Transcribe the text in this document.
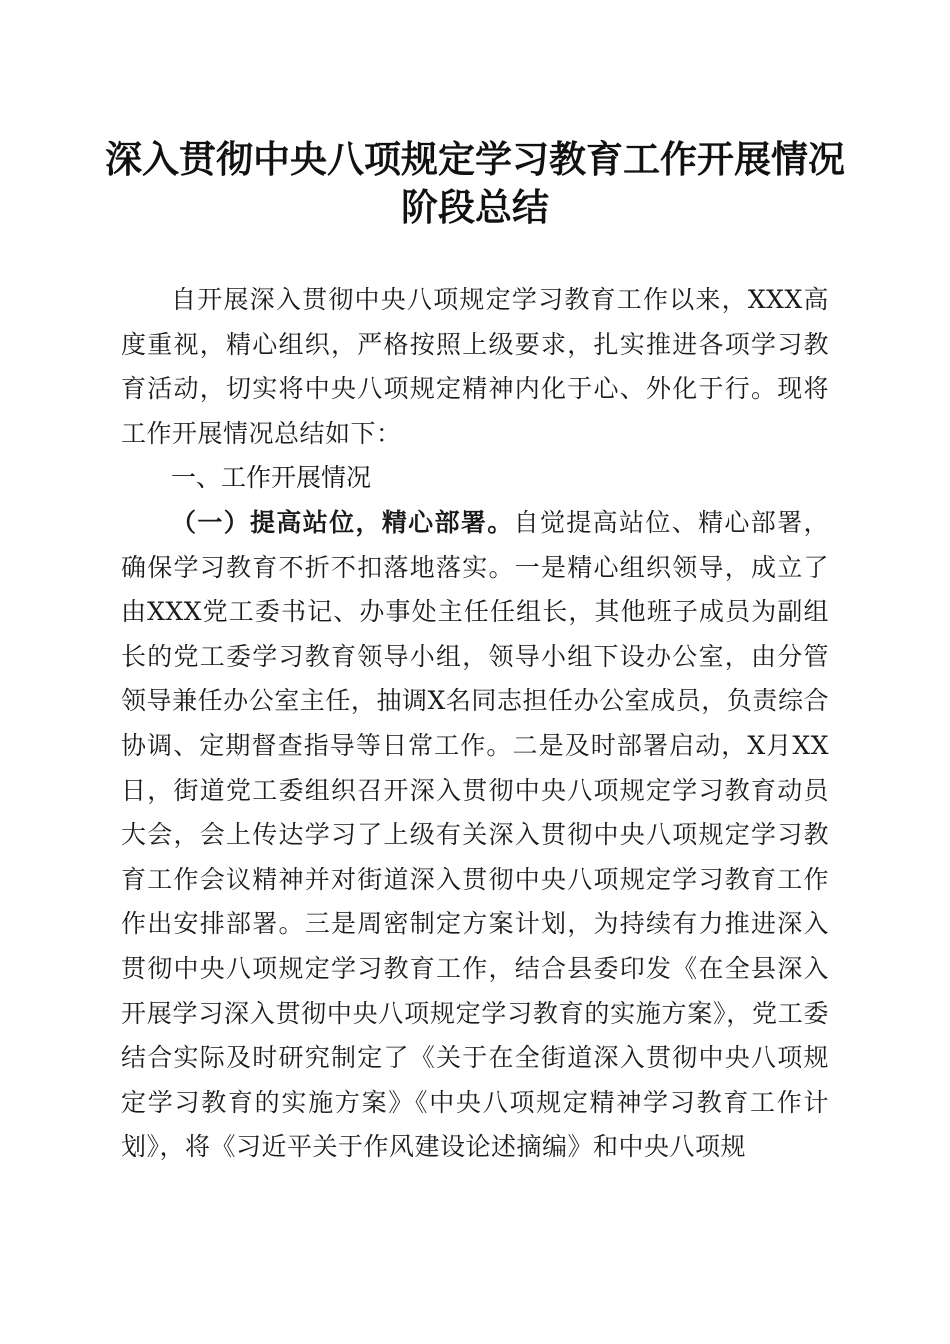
深入贯彻中央八项规定学习教育工作开展情况
阶段总结

自开展深入贯彻中央八项规定学习教育工作以来，XXX高度重视，精心组织，严格按照上级要求，扎实推进各项学习教育活动，切实将中央八项规定精神内化于心、外化于行。现将工作开展情况总结如下：

一、工作开展情况

（一）提高站位，精心部署。自觉提高站位、精心部署，确保学习教育不折不扣落地落实。一是精心组织领导，成立了由XXX党工委书记、办事处主任任组长，其他班子成员为副组长的党工委学习教育领导小组，领导小组下设办公室，由分管领导兼任办公室主任，抽调X名同志担任办公室成员，负责综合协调、定期督查指导等日常工作。二是及时部署启动，X月XX日，街道党工委组织召开深入贯彻中央八项规定学习教育动员大会，会上传达学习了上级有关深入贯彻中央八项规定学习教育工作会议精神并对街道深入贯彻中央八项规定学习教育工作作出安排部署。三是周密制定方案计划，为持续有力推进深入贯彻中央八项规定学习教育工作，结合县委印发《在全县深入开展学习深入贯彻中央八项规定学习教育的实施方案》，党工委结合实际及时研究制定了《关于在全街道深入贯彻中央八项规定学习教育的实施方案》《中央八项规定精神学习教育工作计划》，将《习近平关于作风建设论述摘编》和中央八项规
